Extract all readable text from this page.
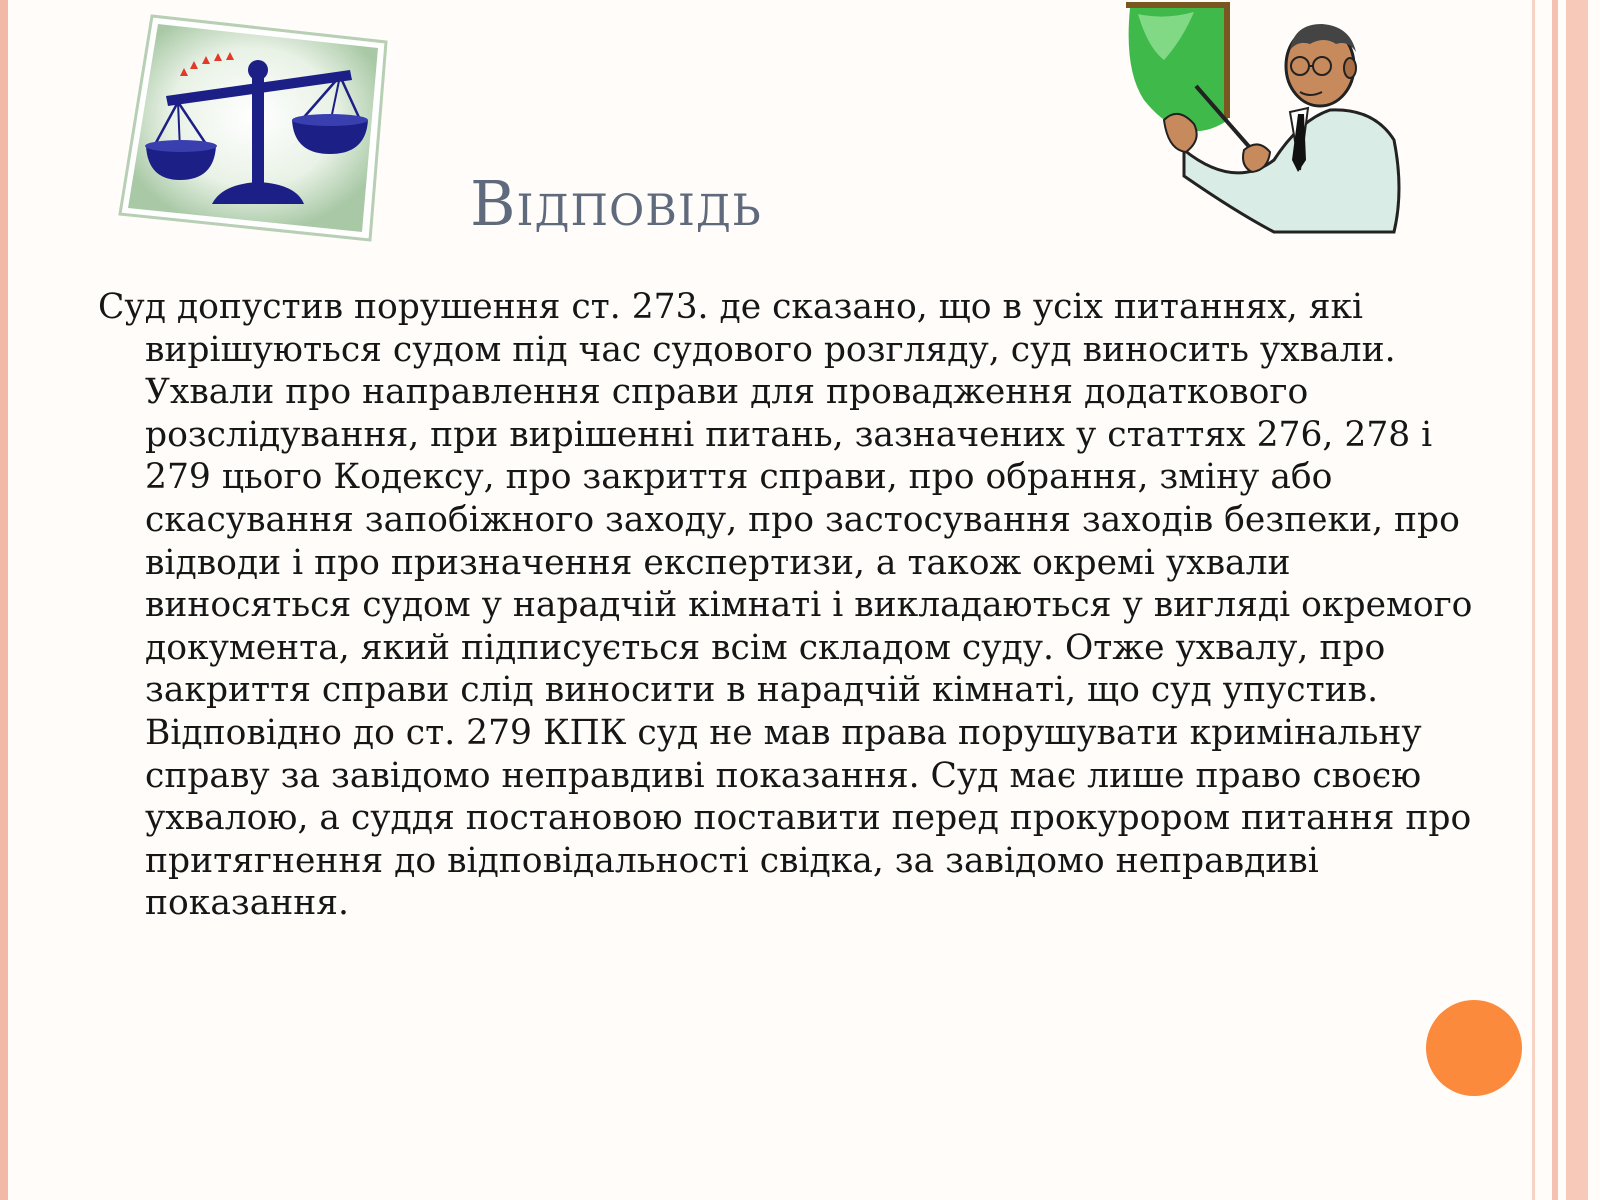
Відповідь

Суд допустив порушення ст. 273. де сказано, що в усіх питаннях, які вирішуються судом під час судового розгляду, суд виносить ухвали. Ухвали про направлення справи для провадження додаткового розслідування, при вирішенні питань, зазначених у статтях 276, 278 і 279 цього Кодексу, про закриття справи, про обрання, зміну або скасування запобіжного заходу, про застосування заходів безпеки, про відводи і про призначення експертизи, а також окремі ухвали виносяться судом у нарадчій кімнаті і викладаються у вигляді окремого документа, який підписується всім складом суду. Отже ухвалу, про закриття справи слід виносити в нарадчій кімнаті, що суд упустив. Відповідно до ст. 279 КПК суд не мав права порушувати кримінальну справу за завідомо неправдиві показання. Суд має лише право своєю ухвалою, а суддя постановою поставити перед прокурором питання про притягнення до відповідальності свідка, за завідомо неправдиві показання.
